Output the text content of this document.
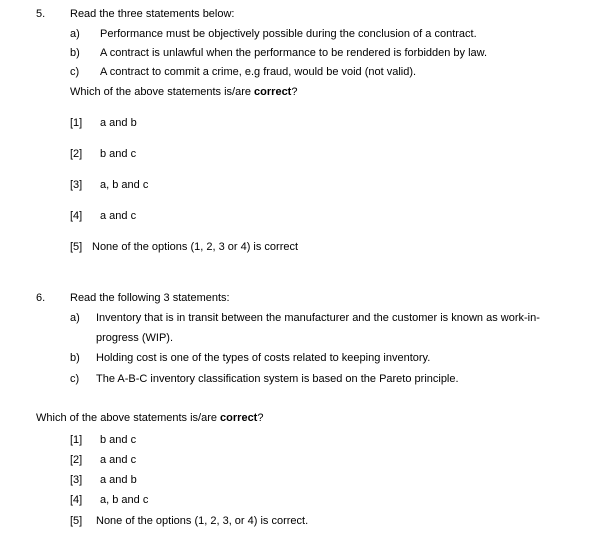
5. Read the three statements below:
a) Performance must be objectively possible during the conclusion of a contract.
b) A contract is unlawful when the performance to be rendered is forbidden by law.
c) A contract to commit a crime, e.g fraud, would be void (not valid).
Which of the above statements is/are correct?
[1] a and b
[2] b and c
[3] a, b and c
[4] a and c
[5] None of the options (1, 2, 3 or 4) is correct
6. Read the following 3 statements:
a) Inventory that is in transit between the manufacturer and the customer is known as work-in-
progress (WIP).
b) Holding cost is one of the types of costs related to keeping inventory.
c) The A-B-C inventory classification system is based on the Pareto principle.
Which of the above statements is/are correct?
[1] b and c
[2] a and c
[3] a and b
[4] a, b and c
[5] None of the options (1, 2, 3, or 4) is correct.
